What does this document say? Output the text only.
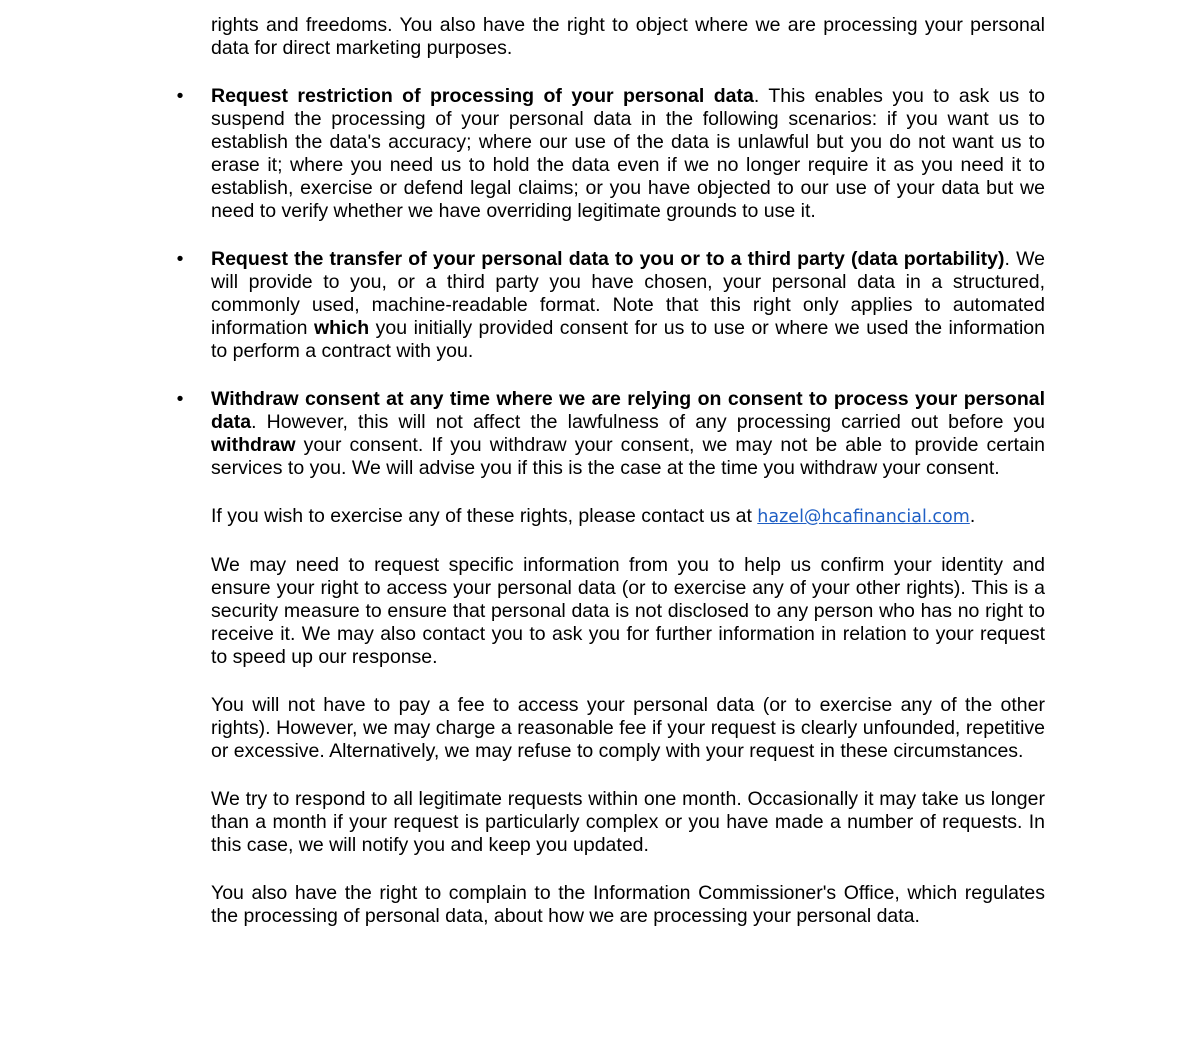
rights and freedoms. You also have the right to object where we are processing your personal data for direct marketing purposes.

• Request restriction of processing of your personal data. This enables you to ask us to suspend the processing of your personal data in the following scenarios: if you want us to establish the data's accuracy; where our use of the data is unlawful but you do not want us to erase it; where you need us to hold the data even if we no longer require it as you need it to establish, exercise or defend legal claims; or you have objected to our use of your data but we need to verify whether we have overriding legitimate grounds to use it.

• Request the transfer of your personal data to you or to a third party (data portability). We will provide to you, or a third party you have chosen, your personal data in a structured, commonly used, machine-readable format. Note that this right only applies to automated information which you initially provided consent for us to use or where we used the information to perform a contract with you.

• Withdraw consent at any time where we are relying on consent to process your personal data. However, this will not affect the lawfulness of any processing carried out before you withdraw your consent. If you withdraw your consent, we may not be able to provide certain services to you. We will advise you if this is the case at the time you withdraw your consent.

If you wish to exercise any of these rights, please contact us at hazel@hcafinancial.com.

We may need to request specific information from you to help us confirm your identity and ensure your right to access your personal data (or to exercise any of your other rights). This is a security measure to ensure that personal data is not disclosed to any person who has no right to receive it. We may also contact you to ask you for further information in relation to your request to speed up our response.

You will not have to pay a fee to access your personal data (or to exercise any of the other rights). However, we may charge a reasonable fee if your request is clearly unfounded, repetitive or excessive. Alternatively, we may refuse to comply with your request in these circumstances.

We try to respond to all legitimate requests within one month. Occasionally it may take us longer than a month if your request is particularly complex or you have made a number of requests. In this case, we will notify you and keep you updated.

You also have the right to complain to the Information Commissioner's Office, which regulates the processing of personal data, about how we are processing your personal data.
